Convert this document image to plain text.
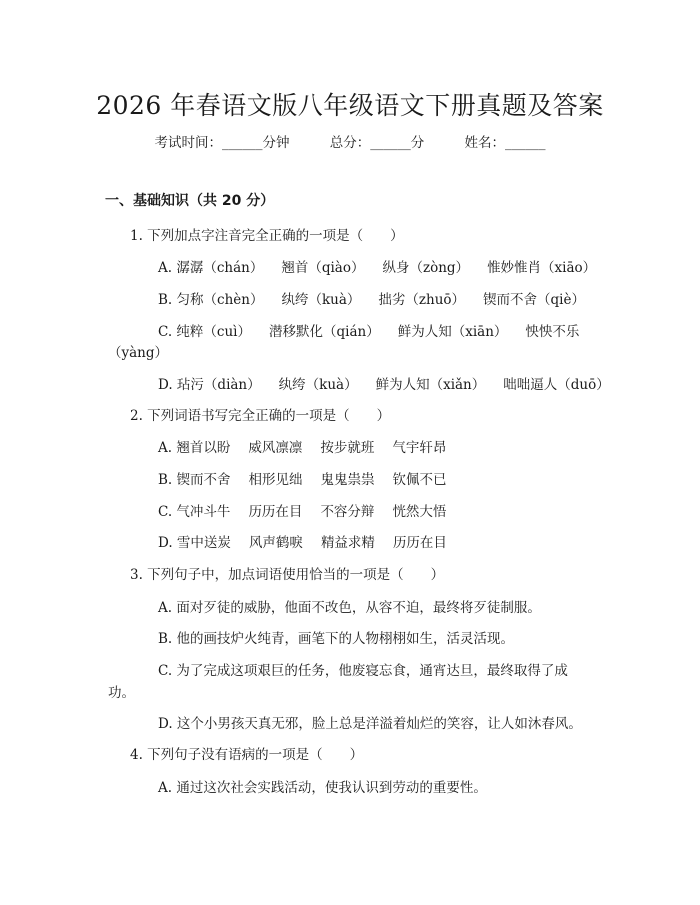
2026 年春语文版八年级语文下册真题及答案
考试时间：______分钟	总分：______分	姓名：______
一、基础知识（共 20 分）
1. 下列加点字注音完全正确的一项是（　　）
A. 潺潺（chán） 翘首（qiào） 纵身（zòng） 惟妙惟肖（xiāo）
B. 匀称（chèn） 纨绔（kuà） 拙劣（zhuō） 锲而不舍（qiè）
C. 纯粹（cuì） 潜移默化（qián） 鲜为人知（xiān） 怏怏不乐
（yàng）
D. 玷污（diàn） 纨绔（kuà） 鲜为人知（xiǎn） 咄咄逼人（duō）
2. 下列词语书写完全正确的一项是（　　）
A. 翘首以盼 威风凛凛 按步就班 气宇轩昂
B. 锲而不舍 相形见绌 鬼鬼祟祟 钦佩不已
C. 气冲斗牛 历历在目 不容分辩 恍然大悟
D. 雪中送炭 风声鹤唳 精益求精 历历在目
3. 下列句子中，加点词语使用恰当的一项是（　　）
A. 面对歹徒的威胁，他面不改色，从容不迫，最终将歹徒制服。
B. 他的画技炉火纯青，画笔下的人物栩栩如生，活灵活现。
C. 为了完成这项艰巨的任务，他废寝忘食，通宵达旦，最终取得了成
功。
D. 这个小男孩天真无邪，脸上总是洋溢着灿烂的笑容，让人如沐春风。
4. 下列句子没有语病的一项是（　　）
A. 通过这次社会实践活动，使我认识到劳动的重要性。
